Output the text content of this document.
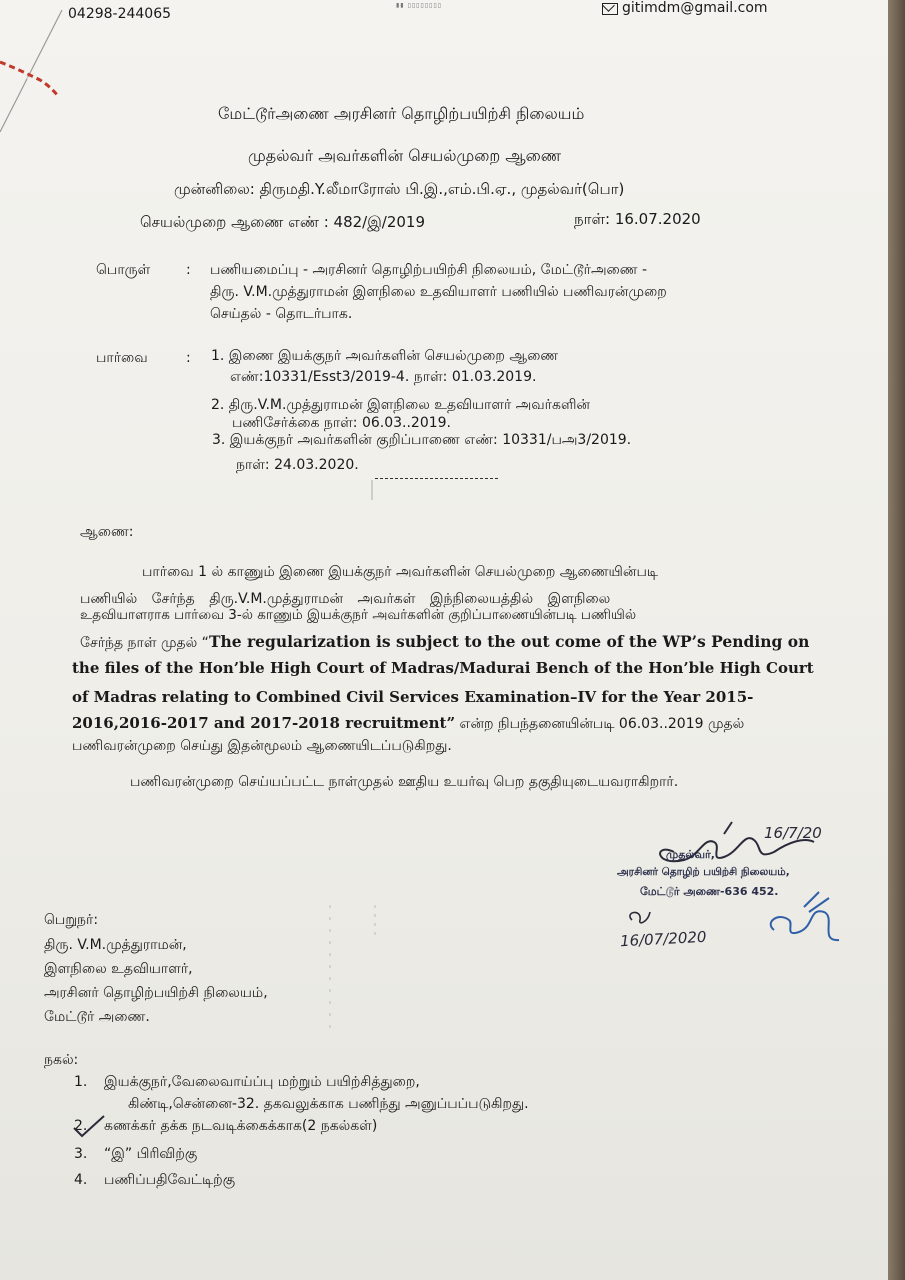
▮▮ ▯▯▯▯▯▯▯▯
04298-244065	gitimdm@gmail.com
மேட்டூர்அணை அரசினர் தொழிற்பயிற்சி நிலையம்
முதல்வர் அவர்களின் செயல்முறை ஆணை
முன்னிலை: திருமதி.Y.லீமாரோஸ் பி.இ.,எம்.பி.ஏ., முதல்வர்(பொ)
செயல்முறை ஆணை எண் : 482/இ/2019	நாள்: 16.07.2020
பொருள்	: பணியமைப்பு - அரசினர் தொழிற்பயிற்சி நிலையம், மேட்டூர்அணை -
திரு. V.M.முத்துராமன் இளநிலை உதவியாளர் பணியில் பணிவரன்முறை
செய்தல் - தொடர்பாக.
பார்வை	: 1. இணை இயக்குநர் அவர்களின் செயல்முறை ஆணை
எண்:10331/Esst3/2019-4. நாள்: 01.03.2019.
2. திரு.V.M.முத்துராமன் இளநிலை உதவியாளர் அவர்களின்
பணிசேர்க்கை நாள்: 06.03..2019.
3. இயக்குநர் அவர்களின் குறிப்பாணை எண்: 10331/பஅ3/2019.
நாள்: 24.03.2020.
ஆணை:
பார்வை 1 ல் காணும் இணை இயக்குநர் அவர்களின் செயல்முறை ஆணையின்படி
பணியில் சேர்ந்த திரு.V.M.முத்துராமன் அவர்கள் இந்நிலையத்தில் இளநிலை
உதவியாளராக பார்வை 3-ல் காணும் இயக்குநர் அவர்களின் குறிப்பாணையின்படி பணியில்
சேர்ந்த நாள் முதல் “The regularization is subject to the out come of the WP’s Pending on
the files of the Hon’ble High Court of Madras/Madurai Bench of the Hon’ble High Court
of Madras relating to Combined Civil Services Examination–IV for the Year 2015-
2016,2016-2017 and 2017-2018 recruitment” என்ற நிபந்தனையின்படி 06.03..2019 முதல்
பணிவரன்முறை செய்து இதன்மூலம் ஆணையிடப்படுகிறது.
பணிவரன்முறை செய்யப்பட்ட நாள்முதல் ஊதிய உயர்வு பெற தகுதியுடையவராகிறார்.
16/7/20
முதல்வர்,
அரசினர் தொழிற் பயிற்சி நிலையம்,
மேட்டூர் அணை-636 452.
16/07/2020
பெறுநர்:
திரு. V.M.முத்துராமன்,
இளநிலை உதவியாளர்,
அரசினர் தொழிற்பயிற்சி நிலையம்,
மேட்டூர் அணை.
நகல்:
1. இயக்குநர்,வேலைவாய்ப்பு மற்றும் பயிற்சித்துறை,
கிண்டி,சென்னை-32. தகவலுக்காக பணிந்து அனுப்பப்படுகிறது.
2. கணக்கர் தக்க நடவடிக்கைக்காக(2 நகல்கள்)
3. “இ” பிரிவிற்கு
4. பணிப்பதிவேட்டிற்கு
